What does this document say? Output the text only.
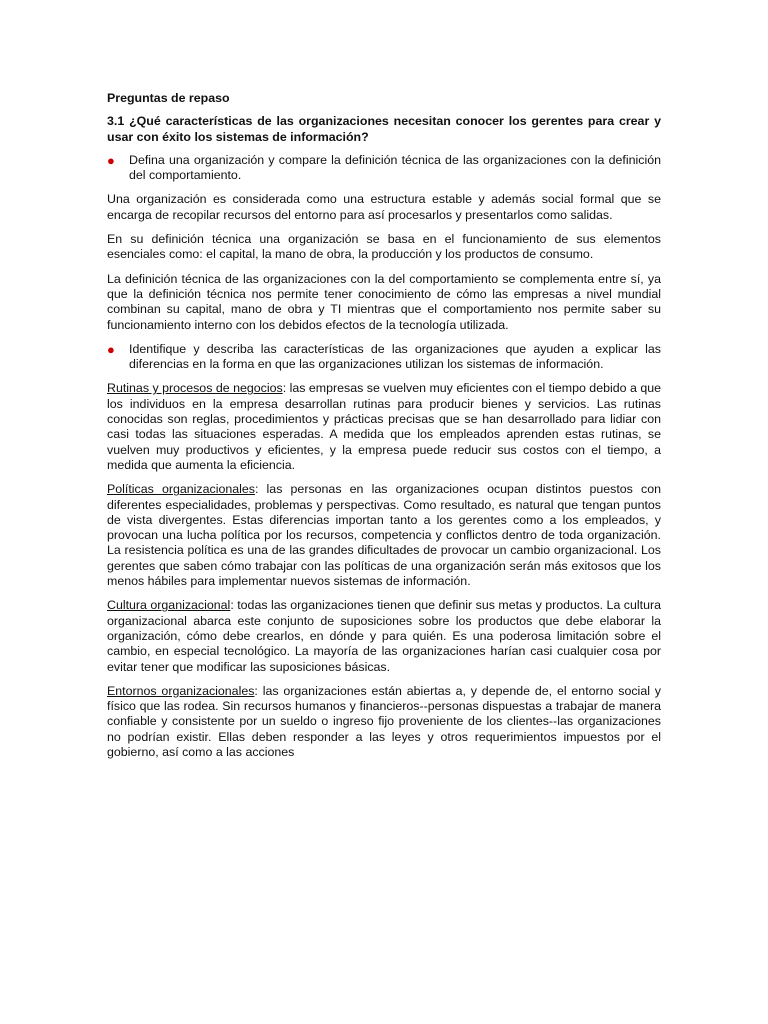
Preguntas de repaso
3.1 ¿Qué características de las organizaciones necesitan conocer los gerentes para crear y usar con éxito los sistemas de información?
● Defina una organización y compare la definición técnica de las organizaciones con la definición del comportamiento.
Una organización es considerada como una estructura estable y además social formal que se encarga de recopilar recursos del entorno para así procesarlos y presentarlos como salidas.
En su definición técnica una organización se basa en el funcionamiento de sus elementos esenciales como: el capital, la mano de obra, la producción y los productos de consumo.
La definición técnica de las organizaciones con la del comportamiento se complementa entre sí, ya que la definición técnica nos permite tener conocimiento de cómo las empresas a nivel mundial combinan su capital, mano de obra y TI mientras que el comportamiento nos permite saber su funcionamiento interno con los debidos efectos de la tecnología utilizada.
● Identifique y describa las características de las organizaciones que ayuden a explicar las diferencias en la forma en que las organizaciones utilizan los sistemas de información.
Rutinas y procesos de negocios: las empresas se vuelven muy eficientes con el tiempo debido a que los individuos en la empresa desarrollan rutinas para producir bienes y servicios. Las rutinas conocidas son reglas, procedimientos y prácticas precisas que se han desarrollado para lidiar con casi todas las situaciones esperadas. A medida que los empleados aprenden estas rutinas, se vuelven muy productivos y eficientes, y la empresa puede reducir sus costos con el tiempo, a medida que aumenta la eficiencia.
Políticas organizacionales: las personas en las organizaciones ocupan distintos puestos con diferentes especialidades, problemas y perspectivas. Como resultado, es natural que tengan puntos de vista divergentes. Estas diferencias importan tanto a los gerentes como a los empleados, y provocan una lucha política por los recursos, competencia y conflictos dentro de toda organización. La resistencia política es una de las grandes dificultades de provocar un cambio organizacional. Los gerentes que saben cómo trabajar con las políticas de una organización serán más exitosos que los menos hábiles para implementar nuevos sistemas de información.
Cultura organizacional: todas las organizaciones tienen que definir sus metas y productos. La cultura organizacional abarca este conjunto de suposiciones sobre los productos que debe elaborar la organización, cómo debe crearlos, en dónde y para quién. Es una poderosa limitación sobre el cambio, en especial tecnológico. La mayoría de las organizaciones harían casi cualquier cosa por evitar tener que modificar las suposiciones básicas.
Entornos organizacionales: las organizaciones están abiertas a, y depende de, el entorno social y físico que las rodea. Sin recursos humanos y financieros--personas dispuestas a trabajar de manera confiable y consistente por un sueldo o ingreso fijo proveniente de los clientes--las organizaciones no podrían existir. Ellas deben responder a las leyes y otros requerimientos impuestos por el gobierno, así como a las acciones
